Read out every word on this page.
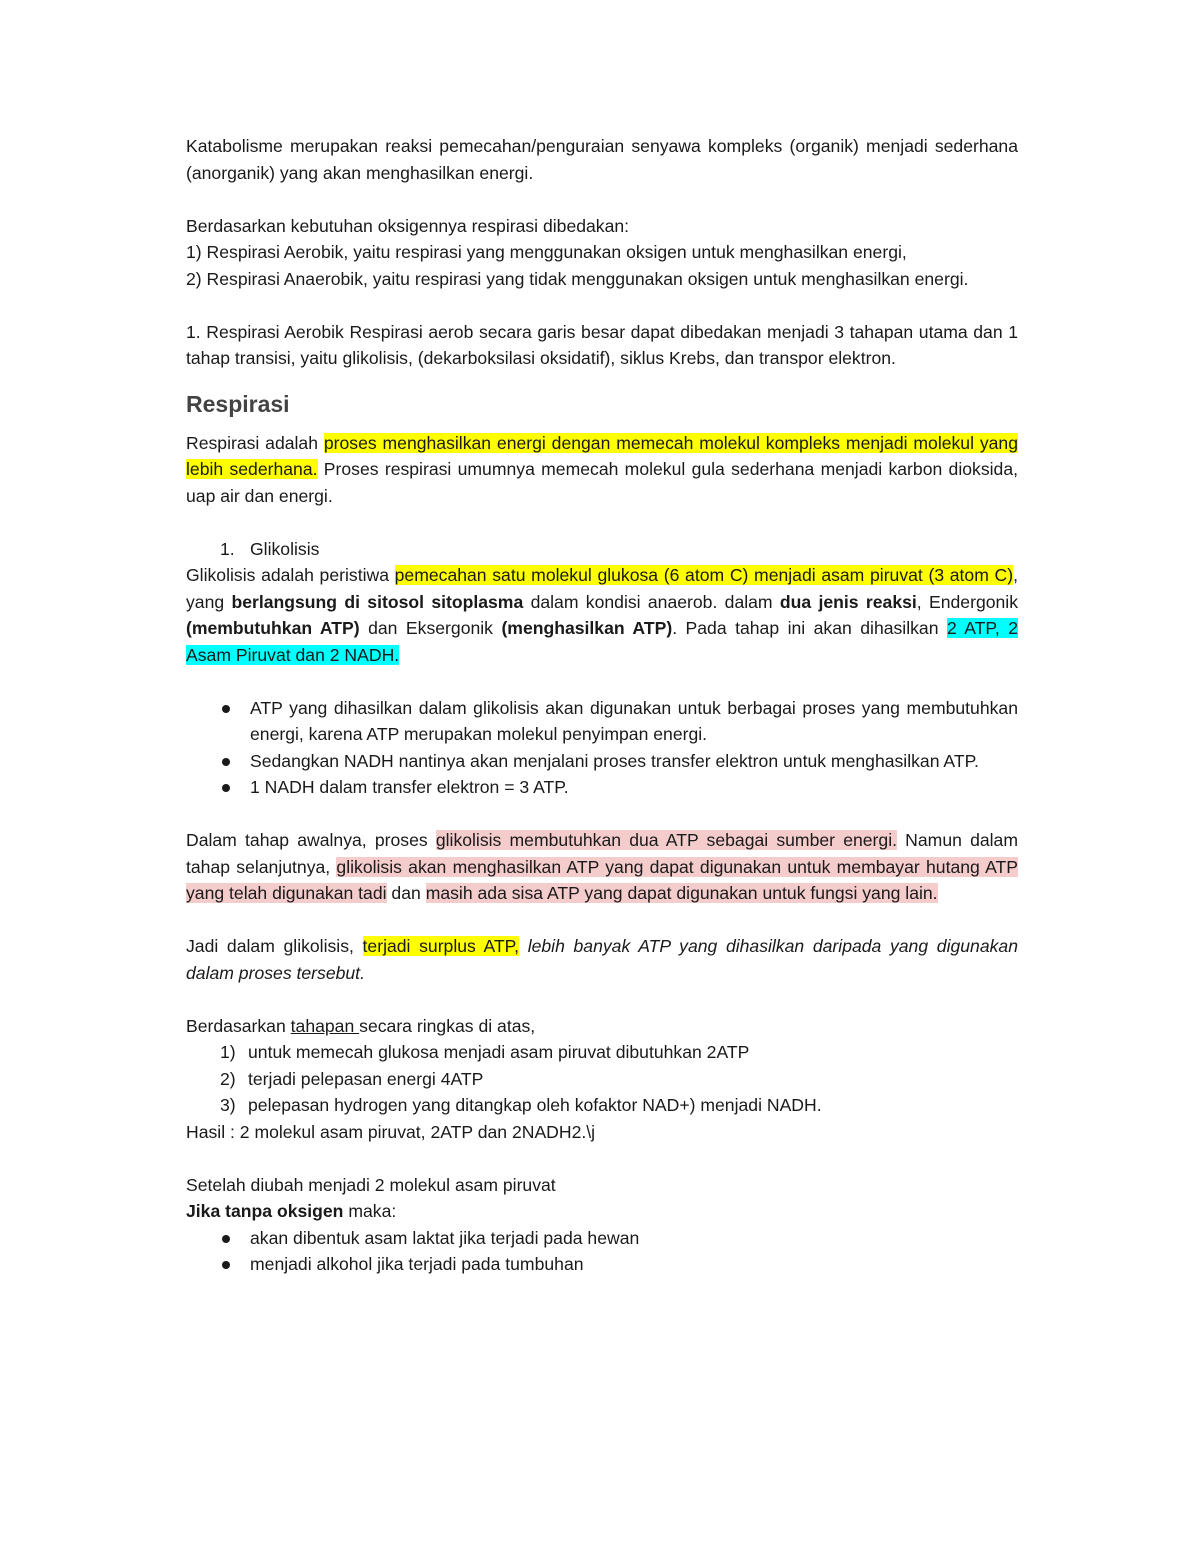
Katabolisme merupakan reaksi pemecahan/penguraian senyawa kompleks (organik) menjadi sederhana (anorganik) yang akan menghasilkan energi.

Berdasarkan kebutuhan oksigennya respirasi dibedakan:

1) Respirasi Aerobik, yaitu respirasi yang menggunakan oksigen untuk menghasilkan energi,

2) Respirasi Anaerobik, yaitu respirasi yang tidak menggunakan oksigen untuk menghasilkan energi.

1. Respirasi Aerobik Respirasi aerob secara garis besar dapat dibedakan menjadi 3 tahapan utama dan 1 tahap transisi, yaitu glikolisis, (dekarboksilasi oksidatif), siklus Krebs, dan transpor elektron.

Respirasi

Respirasi adalah proses menghasilkan energi dengan memecah molekul kompleks menjadi molekul yang lebih sederhana. Proses respirasi umumnya memecah molekul gula sederhana menjadi karbon dioksida, uap air dan energi.

1. Glikolisis

Glikolisis adalah peristiwa pemecahan satu molekul glukosa (6 atom C) menjadi asam piruvat (3 atom C), yang berlangsung di sitosol sitoplasma dalam kondisi anaerob. dalam dua jenis reaksi, Endergonik (membutuhkan ATP) dan Eksergonik (menghasilkan ATP). Pada tahap ini akan dihasilkan 2 ATP, 2 Asam Piruvat dan 2 NADH.

ATP yang dihasilkan dalam glikolisis akan digunakan untuk berbagai proses yang membutuhkan energi, karena ATP merupakan molekul penyimpan energi.
Sedangkan NADH nantinya akan menjalani proses transfer elektron untuk menghasilkan ATP.
1 NADH dalam transfer elektron = 3 ATP.

Dalam tahap awalnya, proses glikolisis membutuhkan dua ATP sebagai sumber energi. Namun dalam tahap selanjutnya, glikolisis akan menghasilkan ATP yang dapat digunakan untuk membayar hutang ATP yang telah digunakan tadi dan masih ada sisa ATP yang dapat digunakan untuk fungsi yang lain.

Jadi dalam glikolisis, terjadi surplus ATP, lebih banyak ATP yang dihasilkan daripada yang digunakan dalam proses tersebut.

Berdasarkan tahapan secara ringkas di atas,

1) untuk memecah glukosa menjadi asam piruvat dibutuhkan 2ATP
2) terjadi pelepasan energi 4ATP
3) pelepasan hydrogen yang ditangkap oleh kofaktor NAD+) menjadi NADH.

Hasil : 2 molekul asam piruvat, 2ATP dan 2NADH2.\j

Setelah diubah menjadi 2 molekul asam piruvat

Jika tanpa oksigen maka:

akan dibentuk asam laktat jika terjadi pada hewan
menjadi alkohol jika terjadi pada tumbuhan
